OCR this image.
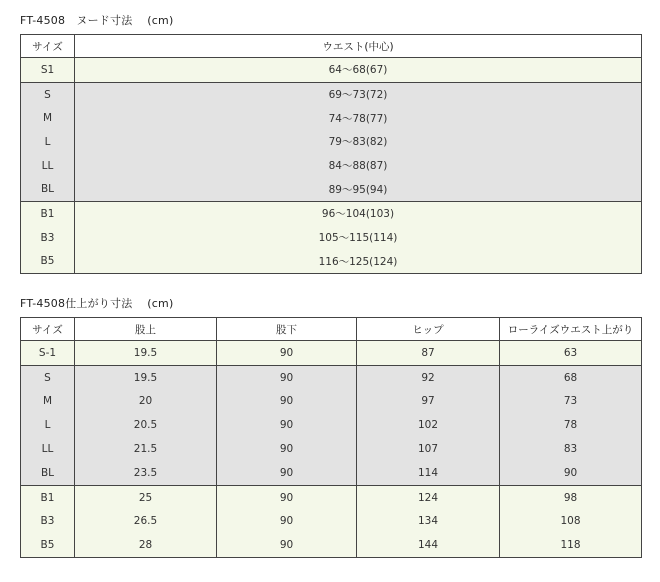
FT-4508　ヌード寸法　 (cm)
サイズ	ウエスト(中心)
S1	64～68(67)
S	69～73(72)
M	74～78(77)
L	79～83(82)
LL	84～88(87)
BL	89～95(94)
B1	96～104(103)
B3	105～115(114)
B5	116～125(124)
FT-4508仕上がり寸法　 (cm)
サイズ	股上	股下	ヒップ	ローライズウエスト上がり
S-1	19.5	90	87	63
S	19.5	90	92	68
M	20	90	97	73
L	20.5	90	102	78
LL	21.5	90	107	83
BL	23.5	90	114	90
B1	25	90	124	98
B3	26.5	90	134	108
B5	28	90	144	118
